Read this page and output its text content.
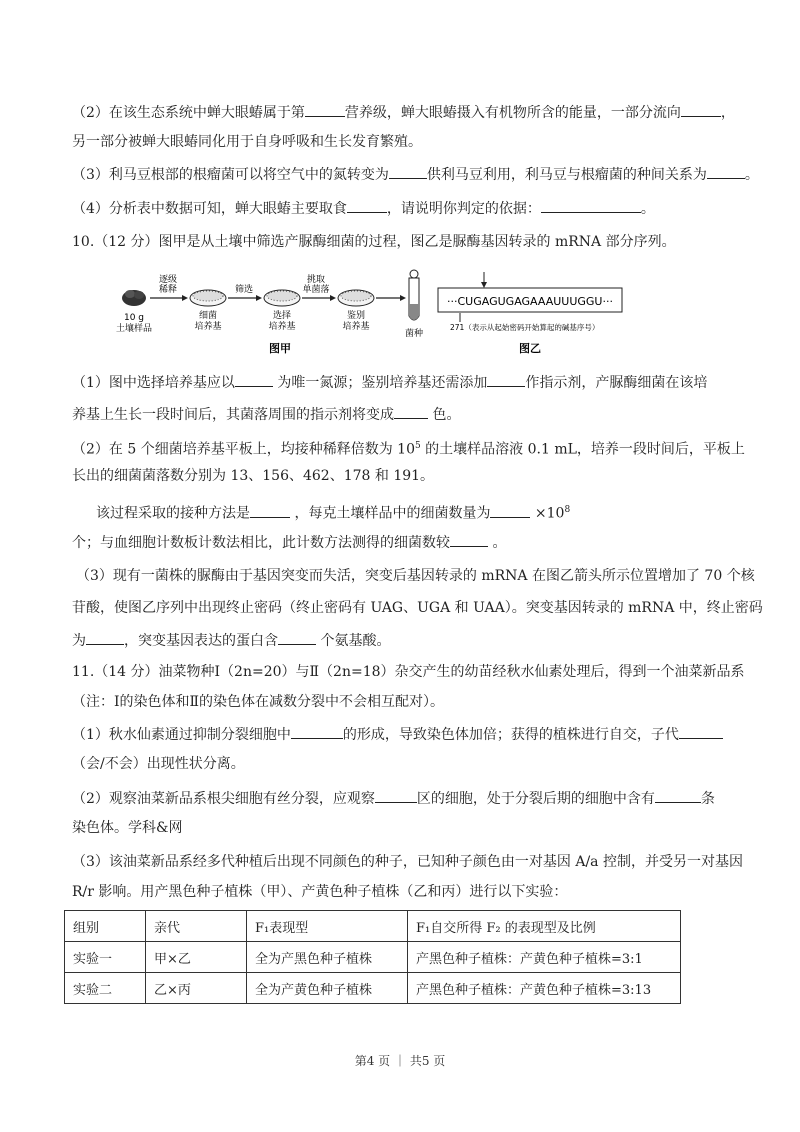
（2）在该生态系统中蝉大眼蝽属于第	营养级，蝉大眼蝽摄入有机物所含的能量，一部分流向	，
另一部分被蝉大眼蝽同化用于自身呼吸和生长发育繁殖。
（3）利马豆根部的根瘤菌可以将空气中的氮转变为	供利马豆利用，利马豆与根瘤菌的种间关系为	。
（4）分析表中数据可知，蝉大眼蝽主要取食	，请说明你判定的依据：	。
10.（12 分）图甲是从土壤中筛选产脲酶细菌的过程，图乙是脲酶基因转录的 mRNA 部分序列。
10 g
土壤样品
逐级
稀释
细菌
培养基
筛选
选择
培养基
挑取
单菌落
鉴别
培养基
菌种
图甲
···CUGAGUGAGAAAUUUGGU···
271（表示从起始密码开始算起的碱基序号）
图乙
（1）图中选择培养基应以	为唯一氮源；鉴别培养基还需添加	作指示剂，产脲酶细菌在该培
养基上生长一段时间后，其菌落周围的指示剂将变成	色。
（2）在 5 个细菌培养基平板上，均接种稀释倍数为 $10^5$ 的土壤样品溶液 0.1 mL，培养一段时间后，平板上
长出的细菌菌落数分别为 13、156、462、178 和 191。
该过程采取的接种方法是	，每克土壤样品中的细菌数量为	$\times 10^8$
个；与血细胞计数板计数法相比，此计数方法测得的细菌数较	。
（3）现有一菌株的脲酶由于基因突变而失活，突变后基因转录的 mRNA 在图乙箭头所示位置增加了 70 个核
苷酸，使图乙序列中出现终止密码（终止密码有 UAG、UGA 和 UAA）。突变基因转录的 mRNA 中，终止密码
为	，突变基因表达的蛋白含	个氨基酸。
11.（14 分）油菜物种Ⅰ（2n=20）与Ⅱ（2n=18）杂交产生的幼苗经秋水仙素处理后，得到一个油菜新品系
（注：Ⅰ的染色体和Ⅱ的染色体在减数分裂中不会相互配对）。
（1）秋水仙素通过抑制分裂细胞中	的形成，导致染色体加倍；获得的植株进行自交，子代
（会/不会）出现性状分离。
（2）观察油菜新品系根尖细胞有丝分裂，应观察	区的细胞，处于分裂后期的细胞中含有	条
染色体。学科&网
（3）该油菜新品系经多代种植后出现不同颜色的种子，已知种子颜色由一对基因 A/a 控制，并受另一对基因
R/r 影响。用产黑色种子植株（甲）、产黄色种子植株（乙和丙）进行以下实验：
组别	亲代	F₁表现型	F₁自交所得 F₂ 的表现型及比例
实验一	甲×乙	全为产黑色种子植株	产黑色种子植株：产黄色种子植株=3:1
实验二	乙×丙	全为产黄色种子植株	产黑色种子植株：产黄色种子植株=3:13
第4 页 ｜ 共5 页
